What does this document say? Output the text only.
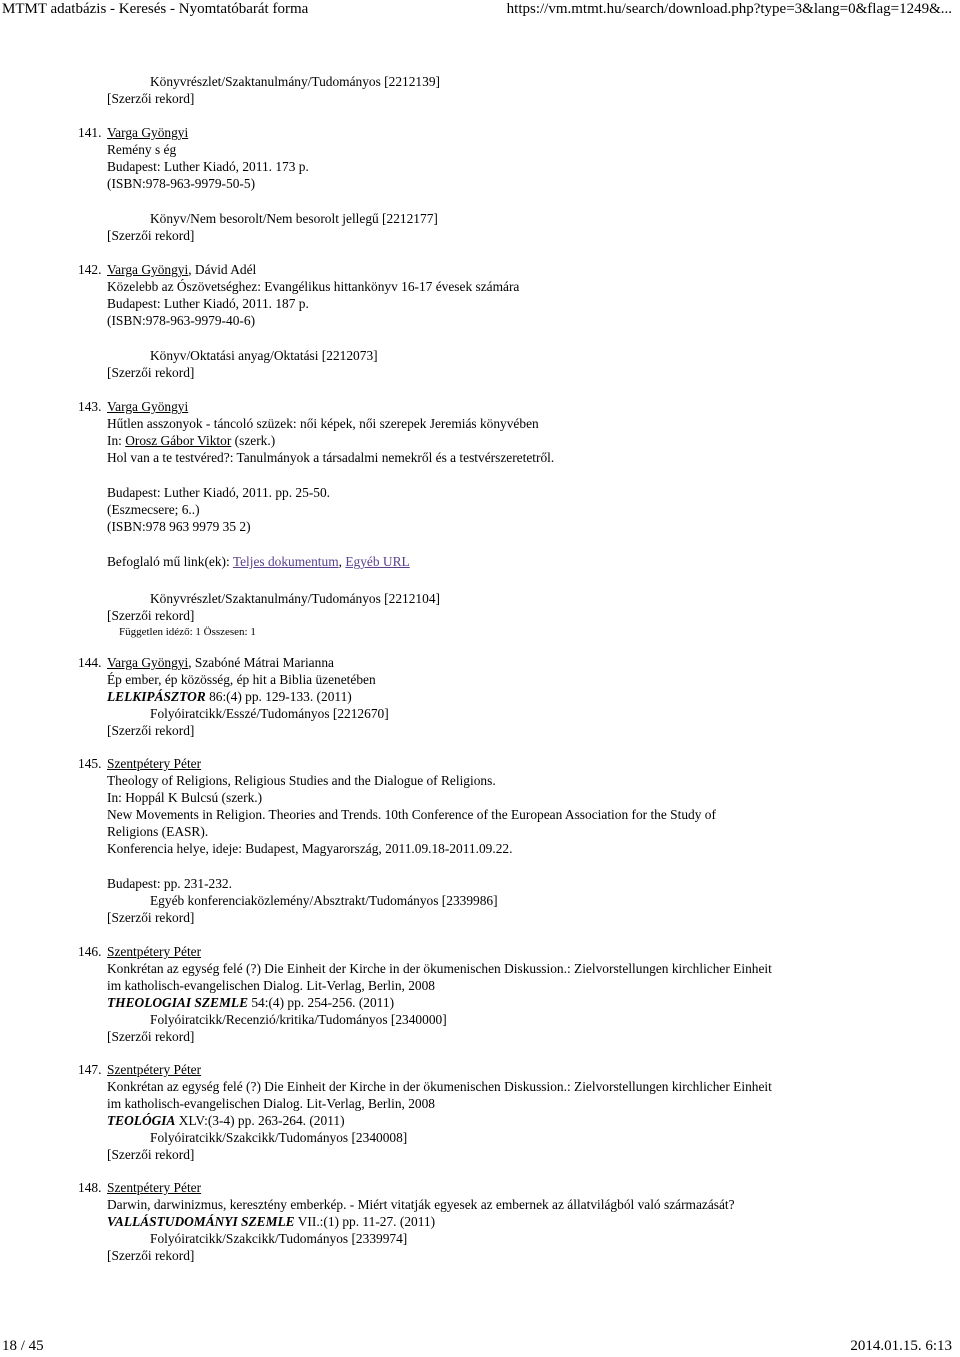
MTMT adatbázis - Keresés - Nyomtatóbarát forma	https://vm.mtmt.hu/search/download.php?type=3&lang=0&flag=1249&...
Könyvrészlet/Szaktanulmány/Tudományos [2212139]
[Szerzői rekord]
141. Varga Gyöngyi
Remény s ég
Budapest: Luther Kiadó, 2011. 173 p.
(ISBN:978-963-9979-50-5)
Könyv/Nem besorolt/Nem besorolt jellegű [2212177]
[Szerzői rekord]
142. Varga Gyöngyi, Dávid Adél
Közelebb az Ószövetséghez: Evangélikus hittankönyv 16-17 évesek számára
Budapest: Luther Kiadó, 2011. 187 p.
(ISBN:978-963-9979-40-6)
Könyv/Oktatási anyag/Oktatási [2212073]
[Szerzői rekord]
143. Varga Gyöngyi
Hűtlen asszonyok - táncoló szüzek: női képek, női szerepek Jeremiás könyvében
In: Orosz Gábor Viktor (szerk.)
Hol van a te testvéred?: Tanulmányok a társadalmi nemekről és a testvérszeretetről.
Budapest: Luther Kiadó, 2011. pp. 25-50.
(Eszmecsere; 6..)
(ISBN:978 963 9979 35 2)
Befoglaló mű link(ek): Teljes dokumentum, Egyéb URL
Könyvrészlet/Szaktanulmány/Tudományos [2212104]
[Szerzői rekord]
Független idéző: 1 Összesen: 1
144. Varga Gyöngyi, Szabóné Mátrai Marianna
Ép ember, ép közösség, ép hit a Biblia üzenetében
LELKIPÁSZTOR 86:(4) pp. 129-133. (2011)
Folyóiratcikk/Esszé/Tudományos [2212670]
[Szerzői rekord]
145. Szentpétery Péter
Theology of Religions, Religious Studies and the Dialogue of Religions.
In: Hoppál K Bulcsú (szerk.)
New Movements in Religion. Theories and Trends. 10th Conference of the European Association for the Study of
Religions (EASR).
Konferencia helye, ideje: Budapest, Magyarország, 2011.09.18-2011.09.22.
Budapest: pp. 231-232.
Egyéb konferenciaközlemény/Absztrakt/Tudományos [2339986]
[Szerzői rekord]
146. Szentpétery Péter
Konkrétan az egység felé (?) Die Einheit der Kirche in der ökumenischen Diskussion.: Zielvorstellungen kirchlicher Einheit
im katholisch-evangelischen Dialog. Lit-Verlag, Berlin, 2008
THEOLOGIAI SZEMLE 54:(4) pp. 254-256. (2011)
Folyóiratcikk/Recenzió/kritika/Tudományos [2340000]
[Szerzői rekord]
147. Szentpétery Péter
Konkrétan az egység felé (?) Die Einheit der Kirche in der ökumenischen Diskussion.: Zielvorstellungen kirchlicher Einheit
im katholisch-evangelischen Dialog. Lit-Verlag, Berlin, 2008
TEOLÓGIA XLV:(3-4) pp. 263-264. (2011)
Folyóiratcikk/Szakcikk/Tudományos [2340008]
[Szerzői rekord]
148. Szentpétery Péter
Darwin, darwinizmus, keresztény emberkép. - Miért vitatják egyesek az embernek az állatvilágból való származását?
VALLÁSTUDOMÁNYI SZEMLE VII.:(1) pp. 11-27. (2011)
Folyóiratcikk/Szakcikk/Tudományos [2339974]
[Szerzői rekord]
18 / 45	2014.01.15. 6:13
